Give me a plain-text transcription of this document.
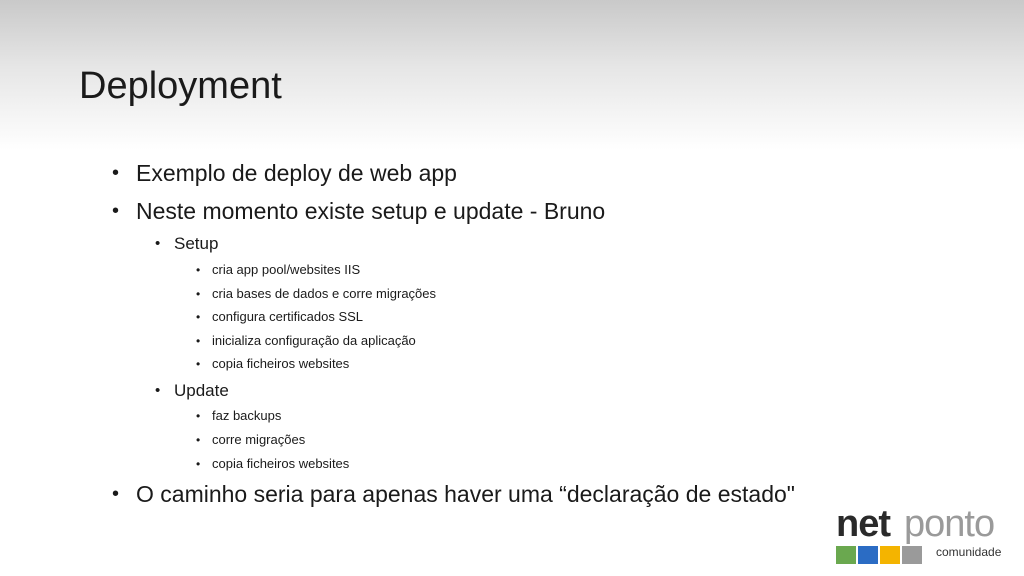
Deployment
• Exemplo de deploy de web app
• Neste momento existe setup e update - Bruno
• Setup
• cria app pool/websites IIS
• cria bases de dados e corre migrações
• configura certificados SSL
• inicializa configuração da aplicação
• copia ficheiros websites
• Update
• faz backups
• corre migrações
• copia ficheiros websites
• O caminho seria para apenas haver uma “declaração de estado"
net ponto
comunidade
